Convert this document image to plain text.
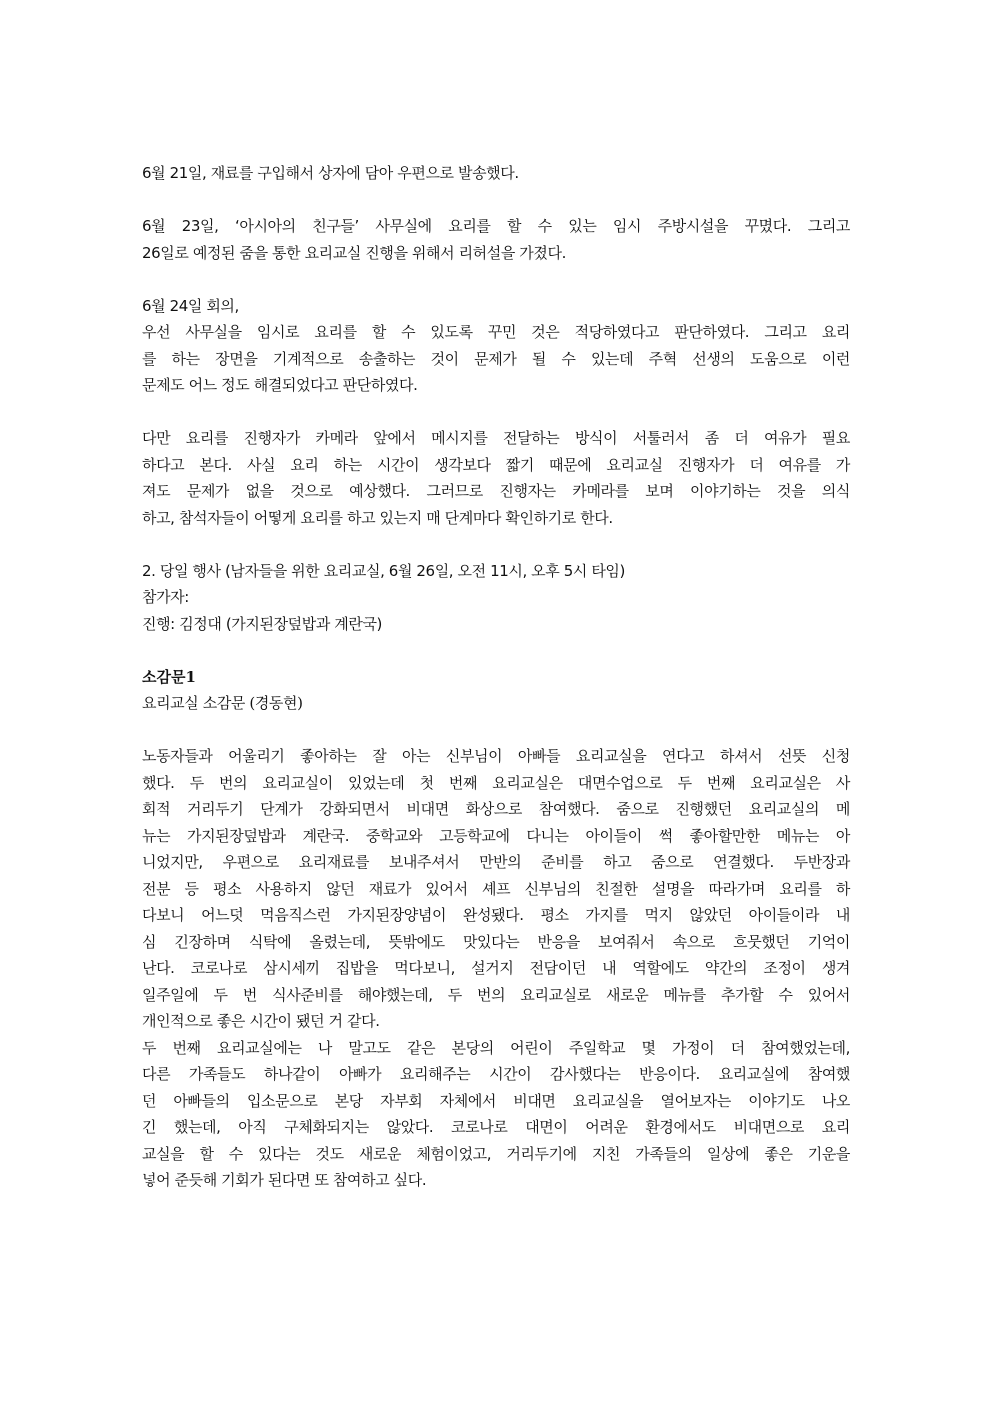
6월 21일, 재료를 구입해서 상자에 담아 우편으로 발송했다.
6월 23일, ‘아시아의 친구들’ 사무실에 요리를 할 수 있는 임시 주방시설을 꾸몄다. 그리고
26일로 예정된 줌을 통한 요리교실 진행을 위해서 리허설을 가졌다.
6월 24일 회의,
우선 사무실을 임시로 요리를 할 수 있도록 꾸민 것은 적당하였다고 판단하였다. 그리고 요리
를 하는 장면을 기계적으로 송출하는 것이 문제가 될 수 있는데 주혁 선생의 도움으로 이런
문제도 어느 정도 해결되었다고 판단하였다.
다만 요리를 진행자가 카메라 앞에서 메시지를 전달하는 방식이 서툴러서 좀 더 여유가 필요
하다고 본다. 사실 요리 하는 시간이 생각보다 짧기 때문에 요리교실 진행자가 더 여유를 가
져도 문제가 없을 것으로 예상했다. 그러므로 진행자는 카메라를 보며 이야기하는 것을 의식
하고, 참석자들이 어떻게 요리를 하고 있는지 매 단계마다 확인하기로 한다.
2. 당일 행사 (남자들을 위한 요리교실, 6월 26일, 오전 11시, 오후 5시 타임)
참가자:
진행: 김정대 (가지된장덮밥과 계란국)
소감문1
요리교실 소감문 (경동현)
노동자들과 어울리기 좋아하는 잘 아는 신부님이 아빠들 요리교실을 연다고 하셔서 선뜻 신청
했다. 두 번의 요리교실이 있었는데 첫 번째 요리교실은 대면수업으로 두 번째 요리교실은 사
회적 거리두기 단계가 강화되면서 비대면 화상으로 참여했다. 줌으로 진행했던 요리교실의 메
뉴는 가지된장덮밥과 계란국. 중학교와 고등학교에 다니는 아이들이 썩 좋아할만한 메뉴는 아
니었지만, 우편으로 요리재료를 보내주셔서 만반의 준비를 하고 줌으로 연결했다. 두반장과
전분 등 평소 사용하지 않던 재료가 있어서 셰프 신부님의 친절한 설명을 따라가며 요리를 하
다보니 어느덧 먹음직스런 가지된장양념이 완성됐다. 평소 가지를 먹지 않았던 아이들이라 내
심 긴장하며 식탁에 올렸는데, 뜻밖에도 맛있다는 반응을 보여줘서 속으로 흐뭇했던 기억이
난다. 코로나로 삼시세끼 집밥을 먹다보니, 설거지 전담이던 내 역할에도 약간의 조정이 생겨
일주일에 두 번 식사준비를 해야했는데, 두 번의 요리교실로 새로운 메뉴를 추가할 수 있어서
개인적으로 좋은 시간이 됐던 거 같다.
두 번째 요리교실에는 나 말고도 같은 본당의 어린이 주일학교 몇 가정이 더 참여했었는데,
다른 가족들도 하나같이 아빠가 요리해주는 시간이 감사했다는 반응이다. 요리교실에 참여했
던 아빠들의 입소문으로 본당 자부회 자체에서 비대면 요리교실을 열어보자는 이야기도 나오
긴 했는데, 아직 구체화되지는 않았다. 코로나로 대면이 어려운 환경에서도 비대면으로 요리
교실을 할 수 있다는 것도 새로운 체험이었고, 거리두기에 지친 가족들의 일상에 좋은 기운을
넣어 준듯해 기회가 된다면 또 참여하고 싶다.
